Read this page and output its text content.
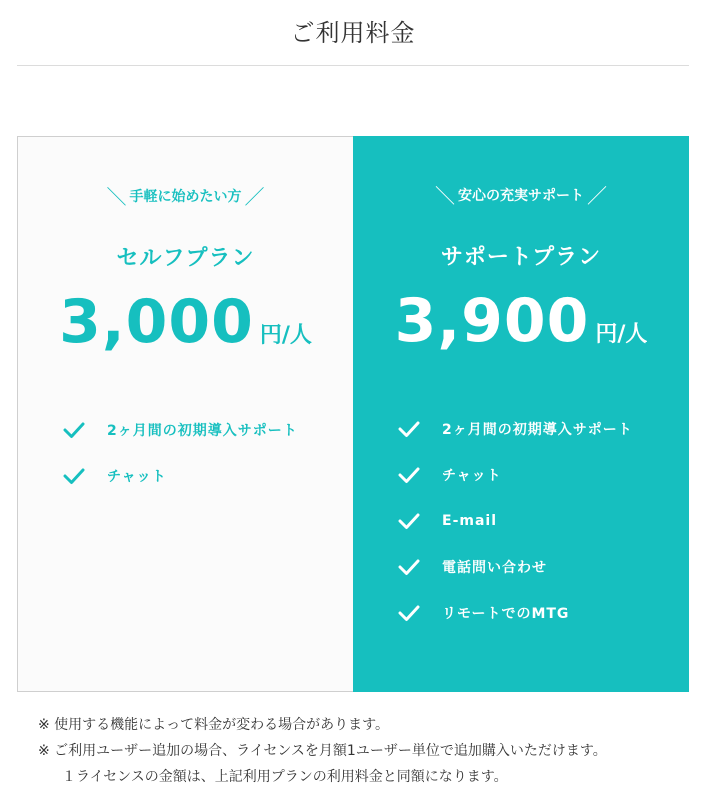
ご利用料金
＼ 手軽に始めたい方 ／
セルフプラン
3,000 円/人
2ヶ月間の初期導入サポート
チャット
＼ 安心の充実サポート ／
サポートプラン
3,900 円/人
2ヶ月間の初期導入サポート
チャット
E-mail
電話問い合わせ
リモートでのMTG
※ 使用する機能によって料金が変わる場合があります。
※ ご利用ユーザー追加の場合、ライセンスを月額1ユーザー単位で追加購入いただけます。
１ライセンスの金額は、上記利用プランの利用料金と同額になります。
